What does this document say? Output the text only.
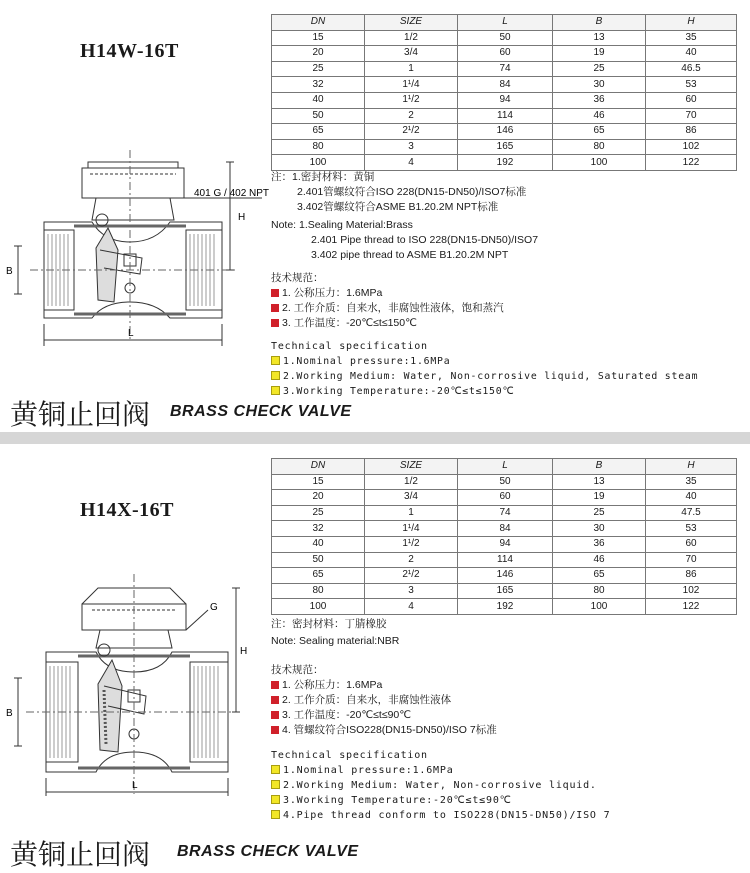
H14W-16T
DN	SIZE	L	B	H
15	1/2	50	13	35
20	3/4	60	19	40
25	1	74	25	46.5
32	1¹/4	84	30	53
40	1¹/2	94	36	60
50	2	114	46	70
65	2¹/2	146	65	86
80	3	165	80	102
100	4	192	100	122
H
B
L
401 G / 402 NPT
注：1.密封材料：黄铜
2.401管螺纹符合ISO 228(DN15-DN50)/ISO7标准
3.402管螺纹符合ASME B1.20.2M NPT标准
Note: 1.Sealing Material:Brass
2.401 Pipe thread to ISO 228(DN15-DN50)/ISO7
3.402 pipe thread to ASME B1.20.2M NPT
技术规范：
1. 公称压力：1.6MPa
2. 工作介质：自来水，非腐蚀性液体，饱和蒸汽
3. 工作温度：-20℃≤t≤150℃
Technical specification
1.Nominal pressure:1.6MPa
2.Working Medium: Water, Non-corrosive liquid, Saturated steam
3.Working Temperature:-20℃≤t≤150℃
黄铜止回阀 BRASS CHECK VALVE
H14X-16T
DN	SIZE	L	B	H
15	1/2	50	13	35
20	3/4	60	19	40
25	1	74	25	47.5
32	1¹/4	84	30	53
40	1¹/2	94	36	60
50	2	114	46	70
65	2¹/2	146	65	86
80	3	165	80	102
100	4	192	100	122
H
B
L
G
注：密封材料：丁腈橡胶
Note: Sealing material:NBR
技术规范：
1. 公称压力：1.6MPa
2. 工作介质：自来水，非腐蚀性液体
3. 工作温度：-20℃≤t≤90℃
4. 管螺纹符合ISO228(DN15-DN50)/ISO 7标准
Technical specification
1.Nominal pressure:1.6MPa
2.Working Medium: Water, Non-corrosive liquid.
3.Working Temperature:-20℃≤t≤90℃
4.Pipe thread conform to ISO228(DN15-DN50)/ISO 7
黄铜止回阀 BRASS CHECK VALVE
